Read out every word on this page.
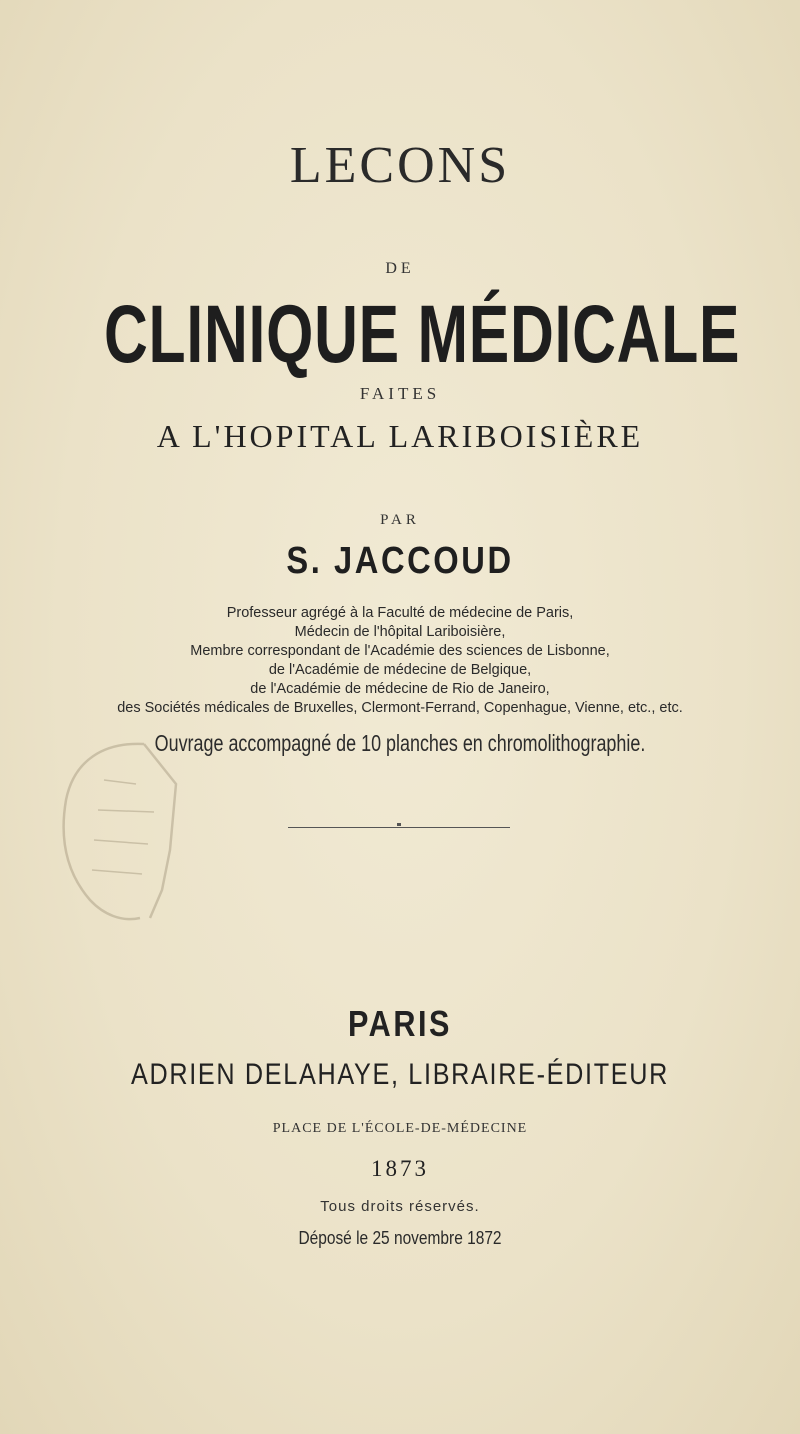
LECONS
DE
CLINIQUE MÉDICALE
FAITES
A L'HOPITAL LARIBOISIÈRE
PAR
S. JACCOUD
Professeur agrégé à la Faculté de médecine de Paris,
Médecin de l'hôpital Lariboisière,
Membre correspondant de l'Académie des sciences de Lisbonne,
de l'Académie de médecine de Belgique,
de l'Académie de médecine de Rio de Janeiro,
des Sociétés médicales de Bruxelles, Clermont-Ferrand, Copenhague, Vienne, etc., etc.
Ouvrage accompagné de 10 planches en chromolithographie.
PARIS
ADRIEN DELAHAYE, LIBRAIRE-ÉDITEUR
PLACE DE L'ÉCOLE-DE-MÉDECINE
1873
Tous droits réservés.
Déposé le 25 novembre 1872
